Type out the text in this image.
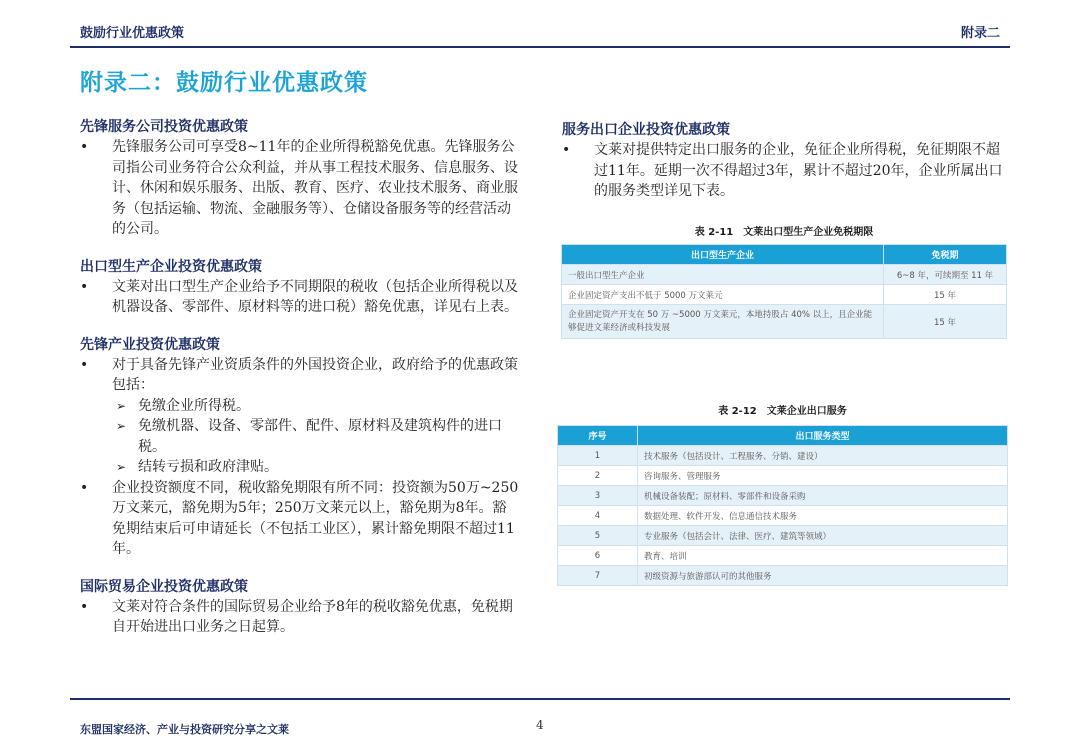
鼓励行业优惠政策	附录二
附录二：鼓励行业优惠政策
先锋服务公司投资优惠政策
• 先锋服务公司可享受8~11年的企业所得税豁免优惠。先锋服务公司指公司业务符合公众利益，并从事工程技术服务、信息服务、设计、休闲和娱乐服务、出版、教育、医疗、农业技术服务、商业服务（包括运输、物流、金融服务等）、仓储设备服务等的经营活动的公司。
出口型生产企业投资优惠政策
• 文莱对出口型生产企业给予不同期限的税收（包括企业所得税以及机器设备、零部件、原材料等的进口税）豁免优惠，详见右上表。
先锋产业投资优惠政策
• 对于具备先锋产业资质条件的外国投资企业，政府给予的优惠政策包括：
➢ 免缴企业所得税。
➢ 免缴机器、设备、零部件、配件、原材料及建筑构件的进口税。
➢ 结转亏损和政府津贴。
• 企业投资额度不同，税收豁免期限有所不同：投资额为50万~250万文莱元，豁免期为5年；250万文莱元以上，豁免期为8年。豁免期结束后可申请延长（不包括工业区），累计豁免期限不超过11年。
国际贸易企业投资优惠政策
• 文莱对符合条件的国际贸易企业给予8年的税收豁免优惠，免税期自开始进出口业务之日起算。
服务出口企业投资优惠政策
• 文莱对提供特定出口服务的企业，免征企业所得税，免征期限不超过11年。延期一次不得超过3年，累计不超过20年，企业所属出口的服务类型详见下表。
表 2-11　文莱出口型生产企业免税期限
出口型生产企业	免税期
一般出口型生产企业	6~8 年，可续期至 11 年
企业固定资产支出不低于 5000 万文莱元	15 年
企业固定资产开支在 50 万 ~5000 万文莱元，本地持股占 40% 以上，且企业能够促进文莱经济或科技发展	15 年
表 2-12　文莱企业出口服务
序号	出口服务类型
1	技术服务（包括设计、工程服务、分销、建设）
2	咨询服务、管理服务
3	机械设备装配；原材料、零部件和设备采购
4	数据处理、软件开发、信息通信技术服务
5	专业服务（包括会计、法律、医疗、建筑等领域）
6	教育、培训
7	初级资源与旅游部认可的其他服务
东盟国家经济、产业与投资研究分享之文莱	4
